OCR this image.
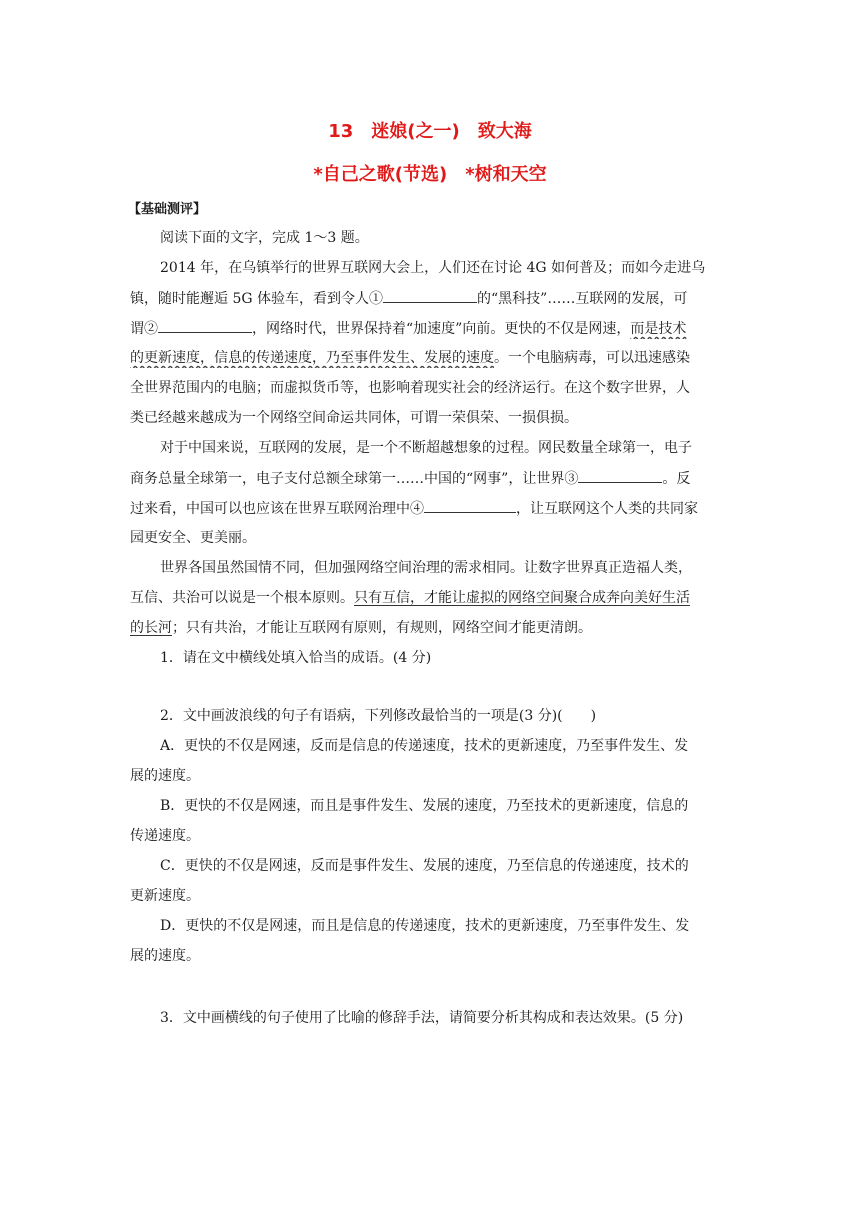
13　迷娘(之一)　致大海
*自己之歌(节选)　*树和天空
【基础测评】
阅读下面的文字，完成 1～3 题。
2014 年，在乌镇举行的世界互联网大会上，人们还在讨论 4G 如何普及；而如今走进乌
镇，随时能邂逅 5G 体验车，看到令人①	的“黑科技”……互联网的发展，可
谓②	，网络时代，世界保持着“加速度”向前。更快的不仅是网速，而是技术
的更新速度，信息的传递速度，乃至事件发生、发展的速度。一个电脑病毒，可以迅速感染
全世界范围内的电脑；而虚拟货币等，也影响着现实社会的经济运行。在这个数字世界，人
类已经越来越成为一个网络空间命运共同体，可谓一荣俱荣、一损俱损。
对于中国来说，互联网的发展，是一个不断超越想象的过程。网民数量全球第一，电子
商务总量全球第一，电子支付总额全球第一……中国的“网事”，让世界③	。反
过来看，中国可以也应该在世界互联网治理中④	，让互联网这个人类的共同家
园更安全、更美丽。
世界各国虽然国情不同，但加强网络空间治理的需求相同。让数字世界真正造福人类，
互信、共治可以说是一个根本原则。只有互信，才能让虚拟的网络空间聚合成奔向美好生活
的长河；只有共治，才能让互联网有原则，有规则，网络空间才能更清朗。
1．请在文中横线处填入恰当的成语。(4 分)
2．文中画波浪线的句子有语病，下列修改最恰当的一项是(3 分)(　　)
A．更快的不仅是网速，反而是信息的传递速度，技术的更新速度，乃至事件发生、发
展的速度。
B．更快的不仅是网速，而且是事件发生、发展的速度，乃至技术的更新速度，信息的
传递速度。
C．更快的不仅是网速，反而是事件发生、发展的速度，乃至信息的传递速度，技术的
更新速度。
D．更快的不仅是网速，而且是信息的传递速度，技术的更新速度，乃至事件发生、发
展的速度。
3．文中画横线的句子使用了比喻的修辞手法，请简要分析其构成和表达效果。(5 分)
